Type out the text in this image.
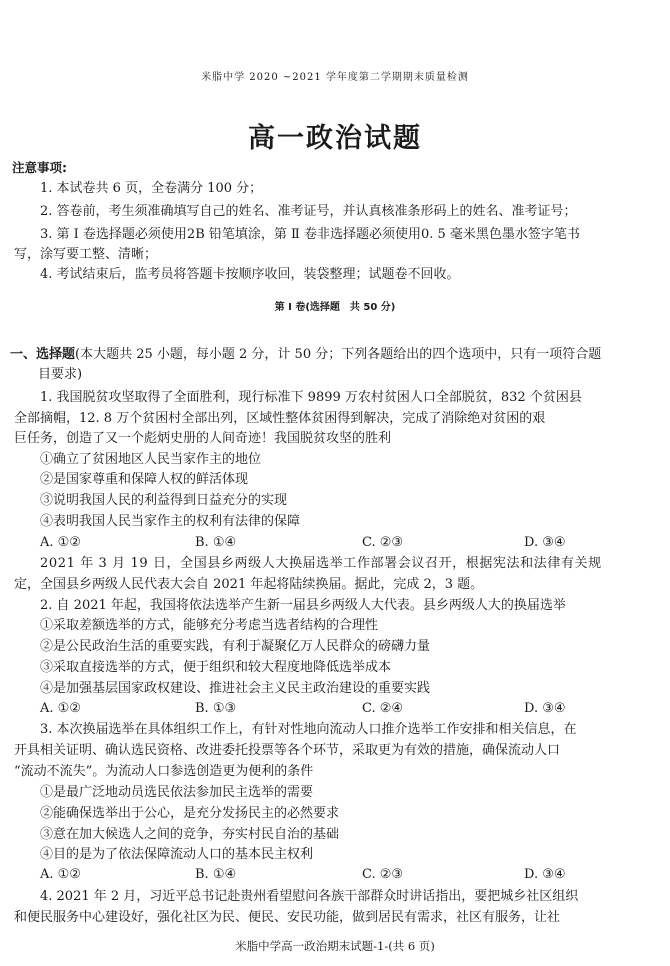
米脂中学 2020 ~2021 学年度第二学期期末质量检测
高一政治试题
注意事项:
1. 本试卷共 6 页，全卷满分 100 分；
2. 答卷前，考生须准确填写自己的姓名、准考证号，并认真核准条形码上的姓名、准考证号；
3. 第 Ⅰ 卷选择题必须使用2B 铅笔填涂，第 Ⅱ 卷非选择题必须使用0. 5 毫米黑色墨水签字笔书
写，涂写要工整、清晰；
4. 考试结束后，监考员将答题卡按顺序收回，装袋整理；试题卷不回收。
第 Ⅰ 卷(选择题　共 50 分)
一、选择题(本大题共 25 小题，每小题 2 分，计 50 分；下列各题给出的四个选项中，只有一项符合题
目要求)
1. 我国脱贫攻坚取得了全面胜利，现行标准下 9899 万农村贫困人口全部脱贫，832 个贫困县
全部摘帽，12. 8 万个贫困村全部出列，区域性整体贫困得到解决，完成了消除绝对贫困的艰
巨任务，创造了又一个彪炳史册的人间奇迹！我国脱贫攻坚的胜利
①确立了贫困地区人民当家作主的地位
②是国家尊重和保障人权的鲜活体现
③说明我国人民的利益得到日益充分的实现
④表明我国人民当家作主的权利有法律的保障
A. ①②	B. ①④	C. ②③	D. ③④
2021 年 3 月 19 日，全国县乡两级人大换届选举工作部署会议召开，根据宪法和法律有关规
定，全国县乡两级人民代表大会自 2021 年起将陆续换届。据此，完成 2，3 题。
2. 自 2021 年起，我国将依法选举产生新一届县乡两级人大代表。县乡两级人大的换届选举
①采取差额选举的方式，能够充分考虑当选者结构的合理性
②是公民政治生活的重要实践，有利于凝聚亿万人民群众的磅礴力量
③采取直接选举的方式，便于组织和较大程度地降低选举成本
④是加强基层国家政权建设、推进社会主义民主政治建设的重要实践
A. ①②	B. ①③	C. ②④	D. ③④
3. 本次换届选举在具体组织工作上，有针对性地向流动人口推介选举工作安排和相关信息，在
开具相关证明、确认选民资格、改进委托投票等各个环节，采取更为有效的措施，确保流动人口
“流动不流失”。为流动人口参选创造更为便利的条件
①是最广泛地动员选民依法参加民主选举的需要
②能确保选举出于公心，是充分发扬民主的必然要求
③意在加大候选人之间的竞争，夯实村民自治的基础
④目的是为了依法保障流动人口的基本民主权利
A. ①②	B. ①④	C. ②③	D. ③④
4. 2021 年 2 月，习近平总书记赴贵州看望慰问各族干部群众时讲话指出，要把城乡社区组织
和便民服务中心建设好，强化社区为民、便民、安民功能，做到居民有需求，社区有服务，让社
米脂中学高一政治期末试题-1-(共 6 页)
